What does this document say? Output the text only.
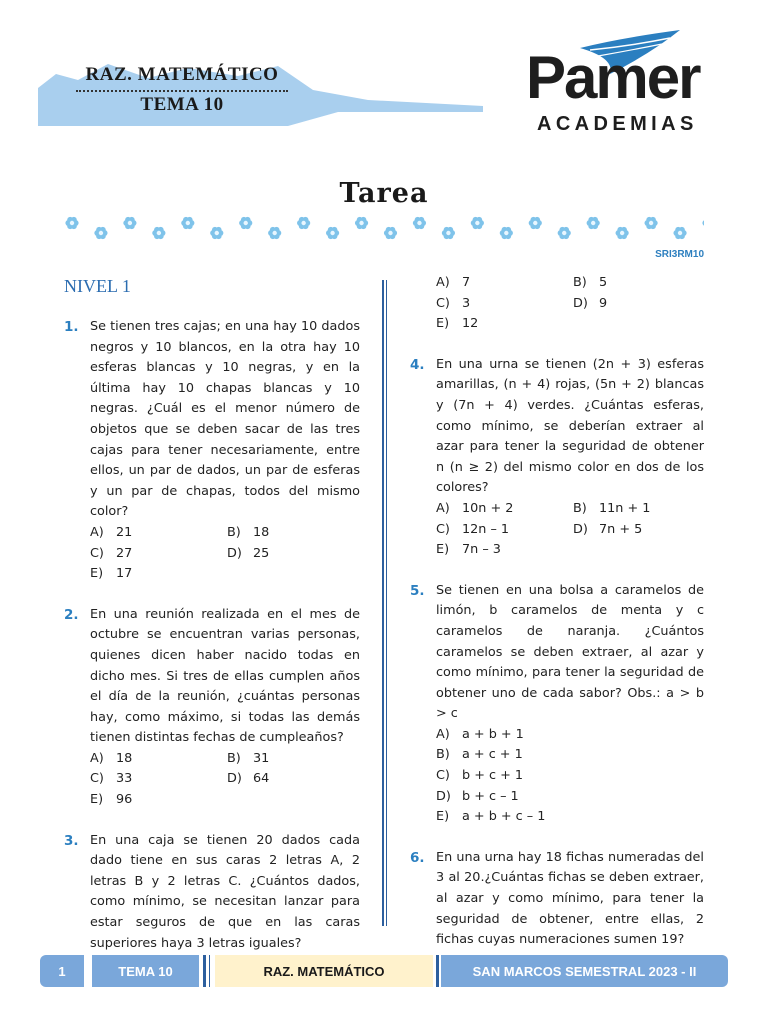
RAZ. MATEMÁTICO
TEMA 10	Pamer
ACADEMIAS
Tarea
SRI3RM10
NIVEL 1
1. Se tienen tres cajas; en una hay 10 dados negros y 10 blancos, en la otra hay 10 esferas blancas y 10 negras, y en la última hay 10 chapas blancas y 10 negras. ¿Cuál es el menor número de objetos que se deben sacar de las tres cajas para tener necesariamente, entre ellos, un par de dados, un par de esferas y un par de chapas, todos del mismo color?
A) 21	B) 18
C) 27	D) 25
E)	17
2. En una reunión realizada en el mes de octubre se encuentran varias personas, quienes dicen haber nacido todas en dicho mes. Si tres de ellas cumplen años el día de la reunión, ¿cuántas personas hay, como máximo, si todas las demás tienen distintas fechas de cumpleaños?
A) 18	B) 31
C) 33	D) 64
E)	96
3. En una caja se tienen 20 dados cada dado tiene en sus caras 2 letras A, 2 letras B y 2 letras C. ¿Cuántos dados, como mínimo, se necesitan lanzar para estar seguros de que en las caras superiores haya 3 letras iguales?
A) 7	B) 5
C) 3	D) 9
E)	12
4. En una urna se tienen (2n + 3) esferas amarillas, (n + 4) rojas, (5n + 2) blancas y (7n + 4) verdes. ¿Cuántas esferas, como mínimo, se deberían extraer al azar para tener la seguridad de obtener n (n ≥ 2) del mismo color en dos de los colores?
A) 10n + 2	B) 11n + 1
C) 12n – 1	D) 7n + 5
E)	7n – 3
5. Se tienen en una bolsa a caramelos de limón, b caramelos de menta y c caramelos de naranja. ¿Cuántos caramelos se deben extraer, al azar y como mínimo, para tener la seguridad de obtener uno de cada sabor? Obs.: a > b > c
A) a + b + 1
B) a + c + 1
C) b + c + 1
D) b + c – 1
E)	a + b + c – 1
6. En una urna hay 18 fichas numeradas del 3 al 20.¿Cuántas fichas se deben extraer, al azar y como mínimo, para tener la seguridad de obtener, entre ellas, 2 fichas cuyas numeraciones sumen 19?
1	TEMA 10	RAZ. MATEMÁTICO	SAN MARCOS SEMESTRAL 2023 - II
